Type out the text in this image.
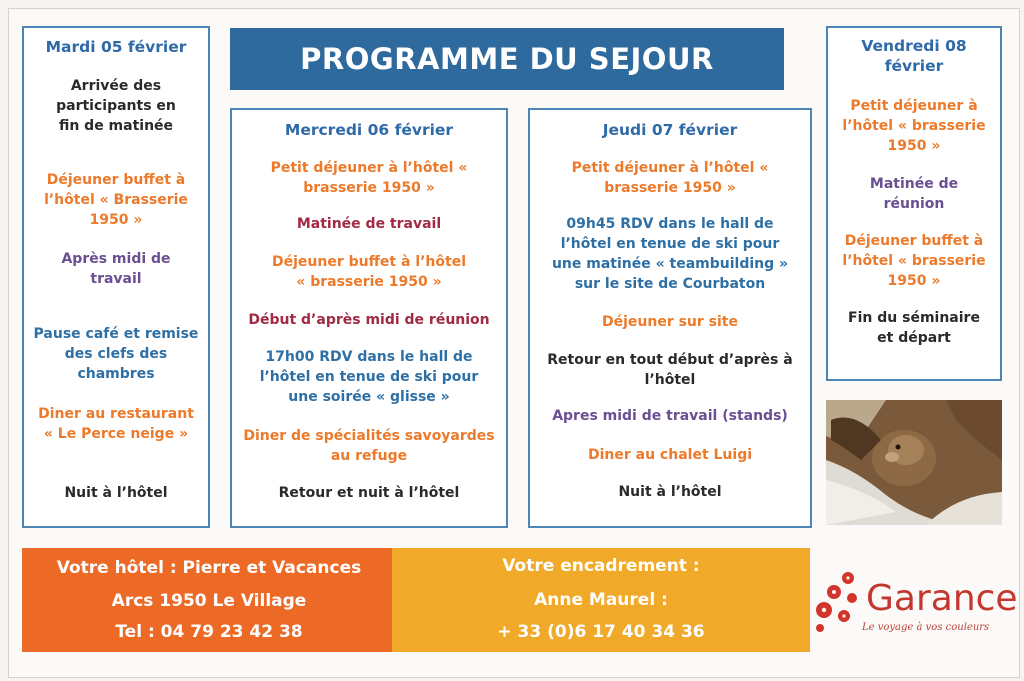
Mardi 05 février
Arrivée des participants en fin de matinée
Déjeuner buffet à l’hôtel « Brasserie 1950 »
Après midi de travail
Pause café et remise des clefs des chambres
Diner au restaurant « Le Perce neige »
Nuit à l’hôtel
PROGRAMME DU SEJOUR
Mercredi 06 février
Petit déjeuner à l’hôtel « brasserie 1950 »
Matinée de travail
Déjeuner buffet à l’hôtel « brasserie 1950 »
Début d’après midi de réunion
17h00 RDV dans le hall de l’hôtel en tenue de ski pour une soirée « glisse »
Diner de spécialités savoyardes au refuge
Retour et nuit à l’hôtel
Jeudi 07 février
Petit déjeuner à l’hôtel « brasserie 1950 »
09h45 RDV dans le hall de l’hôtel en tenue de ski pour une matinée « teambuilding » sur le site de Courbaton
Déjeuner sur site
Retour en tout début d’après à l’hôtel
Apres midi de travail (stands)
Diner au chalet Luigi
Nuit à l’hôtel
Vendredi 08 février
Petit déjeuner à l’hôtel « brasserie 1950 »
Matinée de réunion
Déjeuner buffet à l’hôtel « brasserie 1950 »
Fin du séminaire et départ
Votre hôtel : Pierre et Vacances
Arcs 1950 Le Village
Tel : 04 79 23 42 38
Votre encadrement :
Anne Maurel :
+ 33 (0)6 17 40 34 36
Garance
Le voyage à vos couleurs
